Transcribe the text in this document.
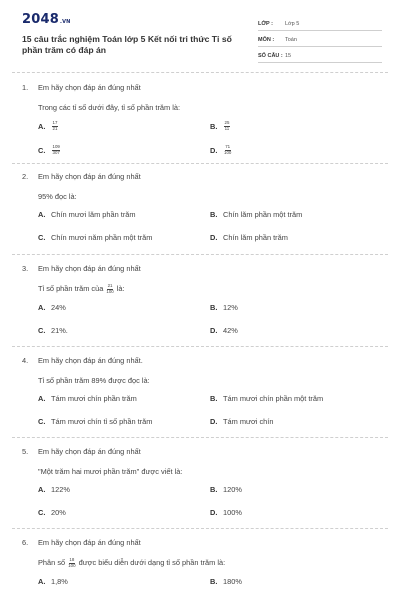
2048.VN
15 câu trắc nghiệm Toán lớp 5 Kết nối tri thức Tỉ số phần trăm có đáp án
LỚP :	Lớp 5
MÔN :	Toán
SỐ CÂU : 15
1.	Em hãy chọn đáp án đúng nhất
Trong các tỉ số dưới đây, tỉ số phần trăm là:
A.	$\frac{17}{21}$	B.	$\frac{25}{11}$
C.	$\frac{109}{307}$	D.	$\frac{71}{100}$
2.	Em hãy chọn đáp án đúng nhất
95% đọc là:
A. Chín mươi lăm phần trăm	B. Chín lăm phần một trăm
C. Chín mươi năm phần một trăm	D. Chín lăm phần trăm
3.	Em hãy chọn đáp án đúng nhất
Tỉ số phần trăm của $\frac{21}{100}$ là:
A. 24%	B. 12%
C. 21%.	D. 42%
4.	Em hãy chọn đáp án đúng nhất.
Tỉ số phần trăm 89% được đọc là:
A. Tám mươi chín phần trăm	B. Tám mươi chín phần một trăm
C. Tám mươi chín tỉ số phần trăm	D. Tám mươi chín
5.	Em hãy chọn đáp án đúng nhất
"Một trăm hai mươi phần trăm" được viết là:
A. 122%	B. 120%
C. 20%	D. 100%
6.	Em hãy chọn đáp án đúng nhất
Phân số $\frac{18}{100}$ được biểu diễn dưới dạng tỉ số phần trăm là:
A. 1,8%	B. 180%
